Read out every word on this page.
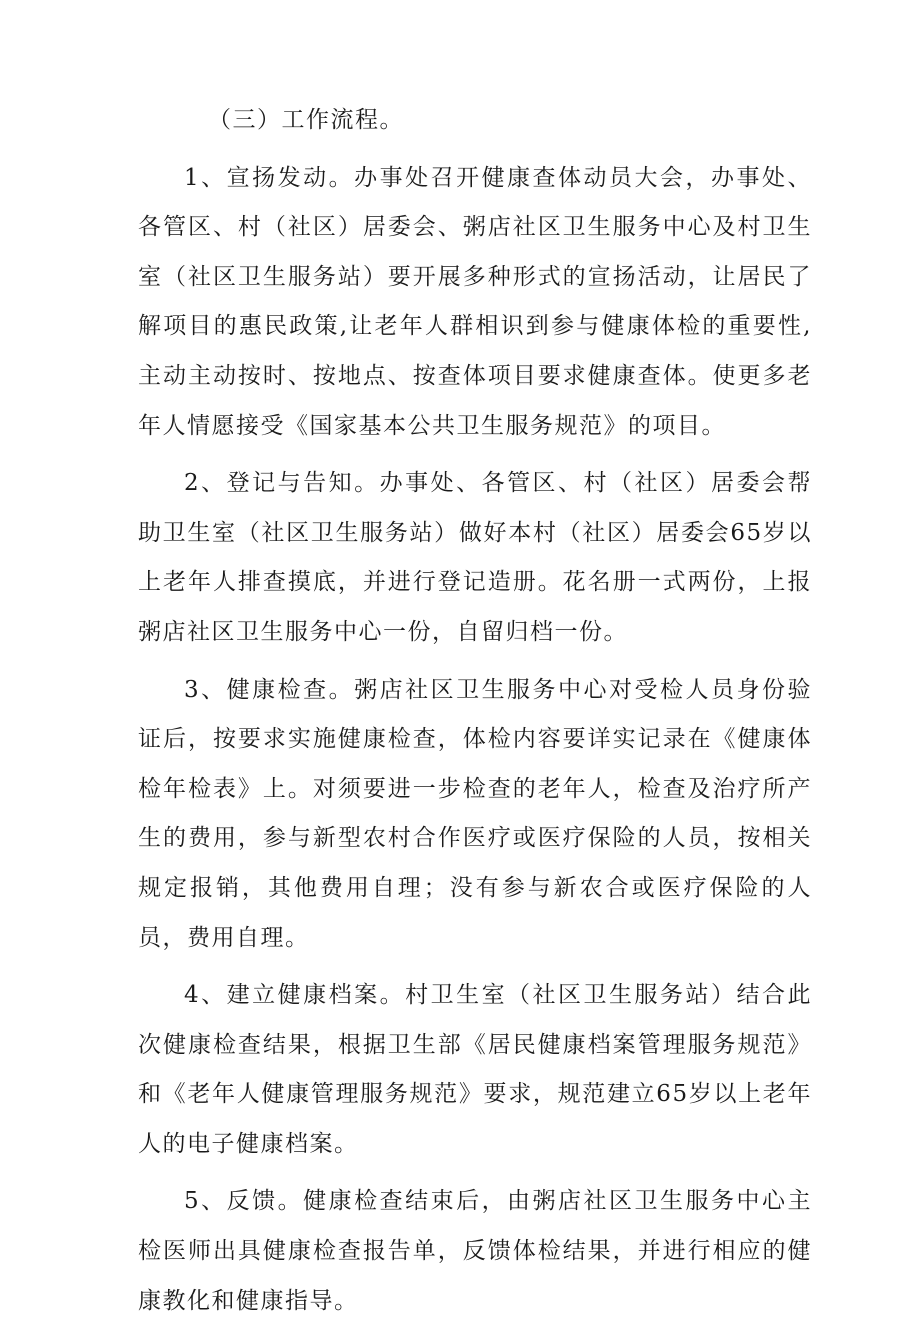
（三）工作流程。

1、宣扬发动。办事处召开健康查体动员大会，办事处、各管区、村（社区）居委会、粥店社区卫生服务中心及村卫生室（社区卫生服务站）要开展多种形式的宣扬活动，让居民了解项目的惠民政策,让老年人群相识到参与健康体检的重要性,主动主动按时、按地点、按查体项目要求健康查体。使更多老年人情愿接受《国家基本公共卫生服务规范》的项目。

2、登记与告知。办事处、各管区、村（社区）居委会帮助卫生室（社区卫生服务站）做好本村（社区）居委会65岁以上老年人排查摸底，并进行登记造册。花名册一式两份，上报粥店社区卫生服务中心一份，自留归档一份。

3、健康检查。粥店社区卫生服务中心对受检人员身份验证后，按要求实施健康检查，体检内容要详实记录在《健康体检年检表》上。对须要进一步检查的老年人，检查及治疗所产生的费用，参与新型农村合作医疗或医疗保险的人员，按相关规定报销，其他费用自理；没有参与新农合或医疗保险的人员，费用自理。

4、建立健康档案。村卫生室（社区卫生服务站）结合此次健康检查结果，根据卫生部《居民健康档案管理服务规范》和《老年人健康管理服务规范》要求，规范建立65岁以上老年人的电子健康档案。

5、反馈。健康检查结束后，由粥店社区卫生服务中心主检医师出具健康检查报告单，反馈体检结果，并进行相应的健康教化和健康指导。
